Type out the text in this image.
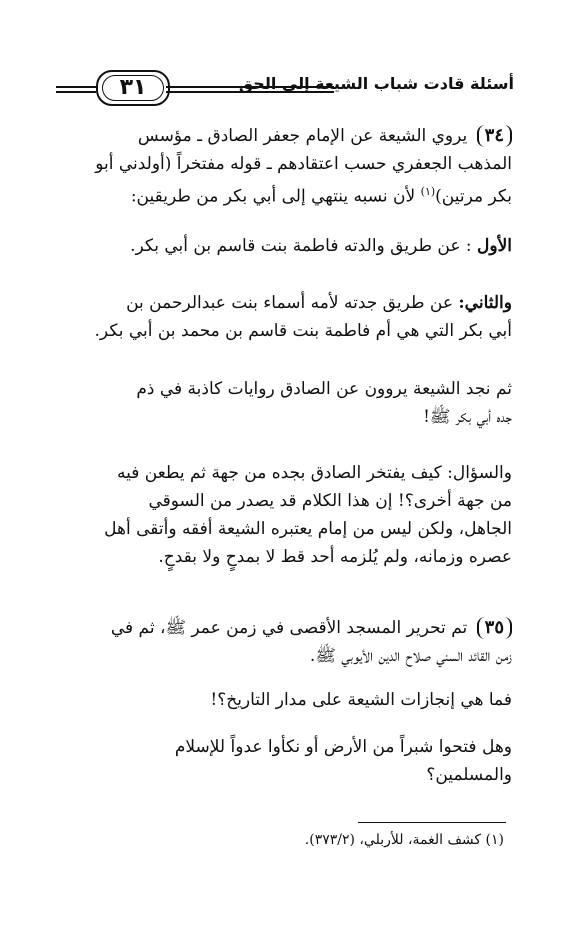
٣١	أسئلة قادت شباب الشيعة إلى الحق
٣٤ يروي الشيعة عن الإمام جعفر الصادق ـ مؤسس
المذهب الجعفري حسب اعتقادهم ـ قوله مفتخراً (أولدني أبو
بكر مرتين)$^{(١)}$ لأن نسبه ينتهي إلى أبي بكر من طريقين:
الأول : عن طريق والدته فاطمة بنت قاسم بن أبي بكر.
والثاني: عن طريق جدته لأمه أسماء بنت عبدالرحمن بن
أبي بكر التي هي أم فاطمة بنت قاسم بن محمد بن أبي بكر.
ثم نجد الشيعة يروون عن الصادق روايات كاذبة في ذم
جده أبي بكر ﷺ!
والسؤال: كيف يفتخر الصادق بجده من جهة ثم يطعن فيه
من جهة أخرى؟! إن هذا الكلام قد يصدر من السوقي
الجاهل، ولكن ليس من إمام يعتبره الشيعة أفقه وأتقى أهل
عصره وزمانه، ولم يُلزمه أحد قط لا بمدحٍ ولا بقدحٍ.
٣٥ تم تحرير المسجد الأقصى في زمن عمر ﷺ، ثم في
زمن القائد السني صلاح الدين الأيوبي ﷺ.
فما هي إنجازات الشيعة على مدار التاريخ؟!
وهل فتحوا شبراً من الأرض أو نكأوا عدواً للإسلام
والمسلمين؟
(١) كشف الغمة، للأربلي، (٣٧٣/٢).
